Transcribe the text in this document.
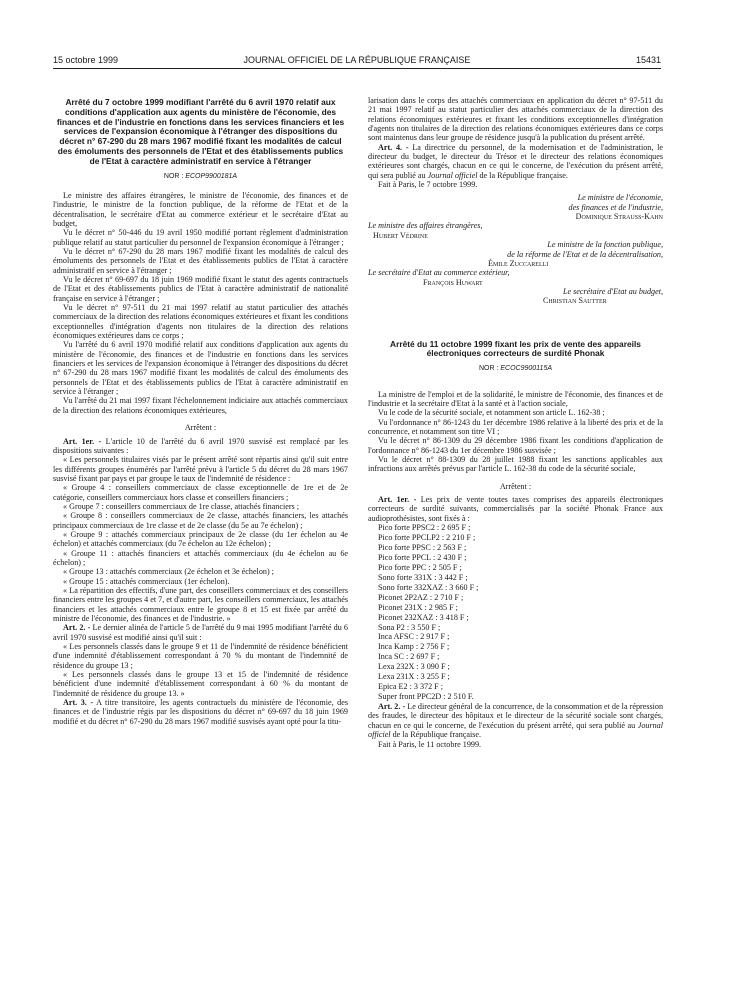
15 octobre 1999	JOURNAL OFFICIEL DE LA RÉPUBLIQUE FRANÇAISE	15431

Arrêté du 7 octobre 1999 modifiant l'arrêté du 6 avril 1970 relatif aux conditions d'application aux agents du ministère de l'économie, des finances et de l'industrie en fonctions dans les services financiers et les services de l'expansion économique à l'étranger des dispositions du décret n° 67-290 du 28 mars 1967 modifié fixant les modalités de calcul des émoluments des personnels de l'Etat et des établissements publics de l'Etat à caractère administratif en service à l'étranger

NOR : ECOP9900181A

Le ministre des affaires étrangères, le ministre de l'économie, des finances et de l'industrie, le ministre de la fonction publique, de la réforme de l'Etat et de la décentralisation, le secrétaire d'Etat au commerce extérieur et le secrétaire d'Etat au budget,

Vu le décret n° 50-446 du 19 avril 1950 modifié portant règlement d'administration publique relatif au statut particulier du personnel de l'expansion économique à l'étranger ;

Vu le décret n° 67-290 du 28 mars 1967 modifié fixant les modalités de calcul des émoluments des personnels de l'Etat et des établissements publics de l'Etat à caractère administratif en service à l'étranger ;

Vu le décret n° 69-697 du 18 juin 1969 modifié fixant le statut des agents contractuels de l'Etat et des établissements publics de l'Etat à caractère administratif de nationalité française en service à l'étranger ;

Vu le décret n° 97-511 du 21 mai 1997 relatif au statut particulier des attachés commerciaux de la direction des relations économiques extérieures et fixant les conditions exceptionnelles d'intégration d'agents non titulaires de la direction des relations économiques extérieures dans ce corps ;

Vu l'arrêté du 6 avril 1970 modifié relatif aux conditions d'application aux agents du ministère de l'économie, des finances et de l'industrie en fonctions dans les services financiers et les services de l'expansion économique à l'étranger des dispositions du décret n° 67-290 du 28 mars 1967 modifié fixant les modalités de calcul des émoluments des personnels de l'Etat et des établissements publics de l'Etat à caractère administratif en service à l'étranger ;

Vu l'arrêté du 21 mai 1997 fixant l'échelonnement indiciaire aux attachés commerciaux de la direction des relations économiques extérieures,

Arrêtent :

Art. 1er. - L'article 10 de l'arrêté du 6 avril 1970 susvisé est remplacé par les dispositions suivantes :

« Les personnels titulaires visés par le présent arrêté sont répartis ainsi qu'il suit entre les différents groupes énumérés par l'arrêté prévu à l'article 5 du décret du 28 mars 1967 susvisé fixant par pays et par groupe le taux de l'indemnité de résidence :

« Groupe 4 : conseillers commerciaux de classe exceptionnelle de 1re et de 2e catégorie, conseillers commerciaux hors classe et conseillers financiers ;

« Groupe 7 : conseillers commerciaux de 1re classe, attachés financiers ;

« Groupe 8 : conseillers commerciaux de 2e classe, attachés financiers, les attachés principaux commerciaux de 1re classe et de 2e classe (du 5e au 7e échelon) ;

« Groupe 9 : attachés commerciaux principaux de 2e classe (du 1er échelon au 4e échelon) et attachés commerciaux (du 7e échelon au 12e échelon) ;

« Groupe 11 : attachés financiers et attachés commerciaux (du 4e échelon au 6e échelon) ;

« Groupe 13 : attachés commerciaux (2e échelon et 3e échelon) ;

« Groupe 15 : attachés commerciaux (1er échelon).

« La répartition des effectifs, d'une part, des conseillers commerciaux et des conseillers financiers entre les groupes 4 et 7, et d'autre part, les conseillers commerciaux, les attachés financiers et les attachés commerciaux entre le groupe 8 et 15 est fixée par arrêté du ministre de l'économie, des finances et de l'industrie. »

Art. 2. - Le dernier alinéa de l'article 5 de l'arrêté du 9 mai 1995 modifiant l'arrêté du 6 avril 1970 susvisé est modifié ainsi qu'il suit :

« Les personnels classés dans le groupe 9 et 11 de l'indemnité de résidence bénéficient d'une indemnité d'établissement correspondant à 70 % du montant de l'indemnité de résidence du groupe 13 ;

« Les personnels classés dans le groupe 13 et 15 de l'indemnité de résidence bénéficient d'une indemnité d'établissement correspondant à 60 % du montant de l'indemnité de résidence du groupe 13. »

Art. 3. - A titre transitoire, les agents contractuels du ministère de l'économie, des finances et de l'industrie régis par les dispositions du décret n° 69-697 du 18 juin 1969 modifié et du décret n° 67-290 du 28 mars 1967 modifié susvisés ayant opté pour la titu-

larisation dans le corps des attachés commerciaux en application du décret n° 97-511 du 21 mai 1997 relatif au statut particulier des attachés commerciaux de la direction des relations économiques extérieures et fixant les conditions exceptionnelles d'intégration d'agents non titulaires de la direction des relations économiques extérieures dans ce corps sont maintenus dans leur groupe de résidence jusqu'à la publication du présent arrêté.

Art. 4. - La directrice du personnel, de la modernisation et de l'administration, le directeur du budget, le directeur du Trésor et le directeur des relations économiques extérieures sont chargés, chacun en ce qui le concerne, de l'exécution du présent arrêté, qui sera publié au Journal officiel de la République française.

Fait à Paris, le 7 octobre 1999.

Le ministre de l'économie,

des finances et de l'industrie,

Dominique Strauss-Kahn

Le ministre des affaires étrangères,

Hubert Védrine

Le ministre de la fonction publique,

de la réforme de l'Etat et de la décentralisation,

Émile Zuccarelli

Le secrétaire d'Etat au commerce extérieur,

François Huwart

Le secrétaire d'Etat au budget,

Christian Sautter

Arrêté du 11 octobre 1999 fixant les prix de vente des appareils électroniques correcteurs de surdité Phonak

NOR : ECOC9900115A

La ministre de l'emploi et de la solidarité, le ministre de l'économie, des finances et de l'industrie et la secrétaire d'Etat à la santé et à l'action sociale,

Vu le code de la sécurité sociale, et notamment son article L. 162-38 ;

Vu l'ordonnance n° 86-1243 du 1er décembre 1986 relative à la liberté des prix et de la concurrence, et notamment son titre VI ;

Vu le décret n° 86-1309 du 29 décembre 1986 fixant les conditions d'application de l'ordonnance n° 86-1243 du 1er décembre 1986 susvisée ;

Vu le décret n° 88-1309 du 28 juillet 1988 fixant les sanctions applicables aux infractions aux arrêtés prévus par l'article L. 162-38 du code de la sécurité sociale,

Arrêtent :

Art. 1er. - Les prix de vente toutes taxes comprises des appareils électroniques correcteurs de surdité suivants, commercialisés par la société Phonak France aux audioprothésistes, sont fixés à :

Pico forte PPSC2 : 2 695 F ;

Pico forte PPCLP2 : 2 210 F ;

Pico forte PPSC : 2 563 F ;

Pico forte PPCL : 2 430 F ;

Pico forte PPC : 2 505 F ;

Sono forte 331X : 3 442 F ;

Sono forte 332XAZ : 3 660 F ;

Piconet 2P2AZ : 2 710 F ;

Piconet 231X : 2 985 F ;

Piconet 232XAZ : 3 418 F ;

Sona P2 : 3 550 F ;

Inca AFSC : 2 917 F ;

Inca Kamp : 2 756 F ;

Inca SC : 2 697 F ;

Lexa 232X : 3 090 F ;

Lexa 231X : 3 255 F ;

Epica E2 : 3 372 F ;

Super front PPC2D : 2 510 F.

Art. 2. - Le directeur général de la concurrence, de la consommation et de la répression des fraudes, le directeur des hôpitaux et le directeur de la sécurité sociale sont chargés, chacun en ce qui le concerne, de l'exécution du présent arrêté, qui sera publié au Journal officiel de la République française.

Fait à Paris, le 11 octobre 1999.
